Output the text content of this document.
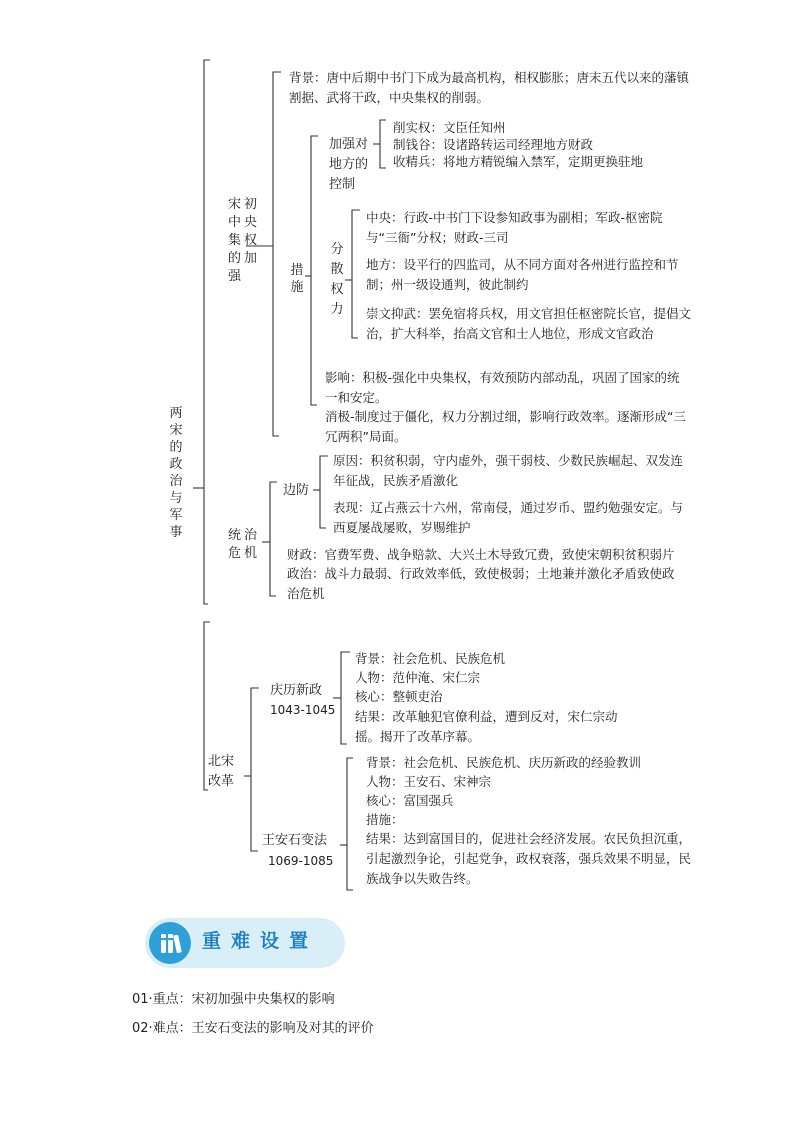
两宋的政治与军事
宋初中央集权的加强
背景：唐中后期中书门下成为最高机构，相权膨胀；唐末五代以来的藩镇割据、武将干政，中央集权的削弱。
措施
加强对地方的控制
削实权：文臣任知州
制钱谷：设诸路转运司经理地方财政
收精兵：将地方精锐编入禁军，定期更换驻地
分散权力
中央：行政-中书门下设参知政事为副相；军政-枢密院与“三衙”分权；财政-三司
地方：设平行的四监司，从不同方面对各州进行监控和节制；州一级设通判，彼此制约
崇文抑武：罢免宿将兵权，用文官担任枢密院长官，提倡文治，扩大科举，抬高文官和士人地位，形成文官政治
影响：积极-强化中央集权，有效预防内部动乱，巩固了国家的统一和安定。
消极-制度过于僵化，权力分割过细，影响行政效率。逐渐形成“三冗两积”局面。
统治危机
边防
原因：积贫积弱，守内虚外，强干弱枝、少数民族崛起、双发连年征战，民族矛盾激化
表现：辽占燕云十六州，常南侵，通过岁币、盟约勉强安定。与西夏屡战屡败，岁赐维护
财政：官费军费、战争赔款、大兴土木导致冗费，致使宋朝积贫积弱片
政治：战斗力最弱、行政效率低，致使极弱；土地兼并激化矛盾致使政治危机
北宋改革
庆历新政
1043-1045
背景：社会危机、民族危机
人物：范仲淹、宋仁宗
核心：整顿吏治
结果：改革触犯官僚利益，遭到反对，宋仁宗动摇。揭开了改革序幕。
王安石变法
1069-1085
背景：社会危机、民族危机、庆历新政的经验教训
人物：王安石、宋神宗
核心：富国强兵
措施：
结果：达到富国目的，促进社会经济发展。农民负担沉重，引起激烈争论，引起党争，政权衰落，强兵效果不明显，民族战争以失败告终。
重难设置
01·重点：宋初加强中央集权的影响
02·难点：王安石变法的影响及对其的评价
